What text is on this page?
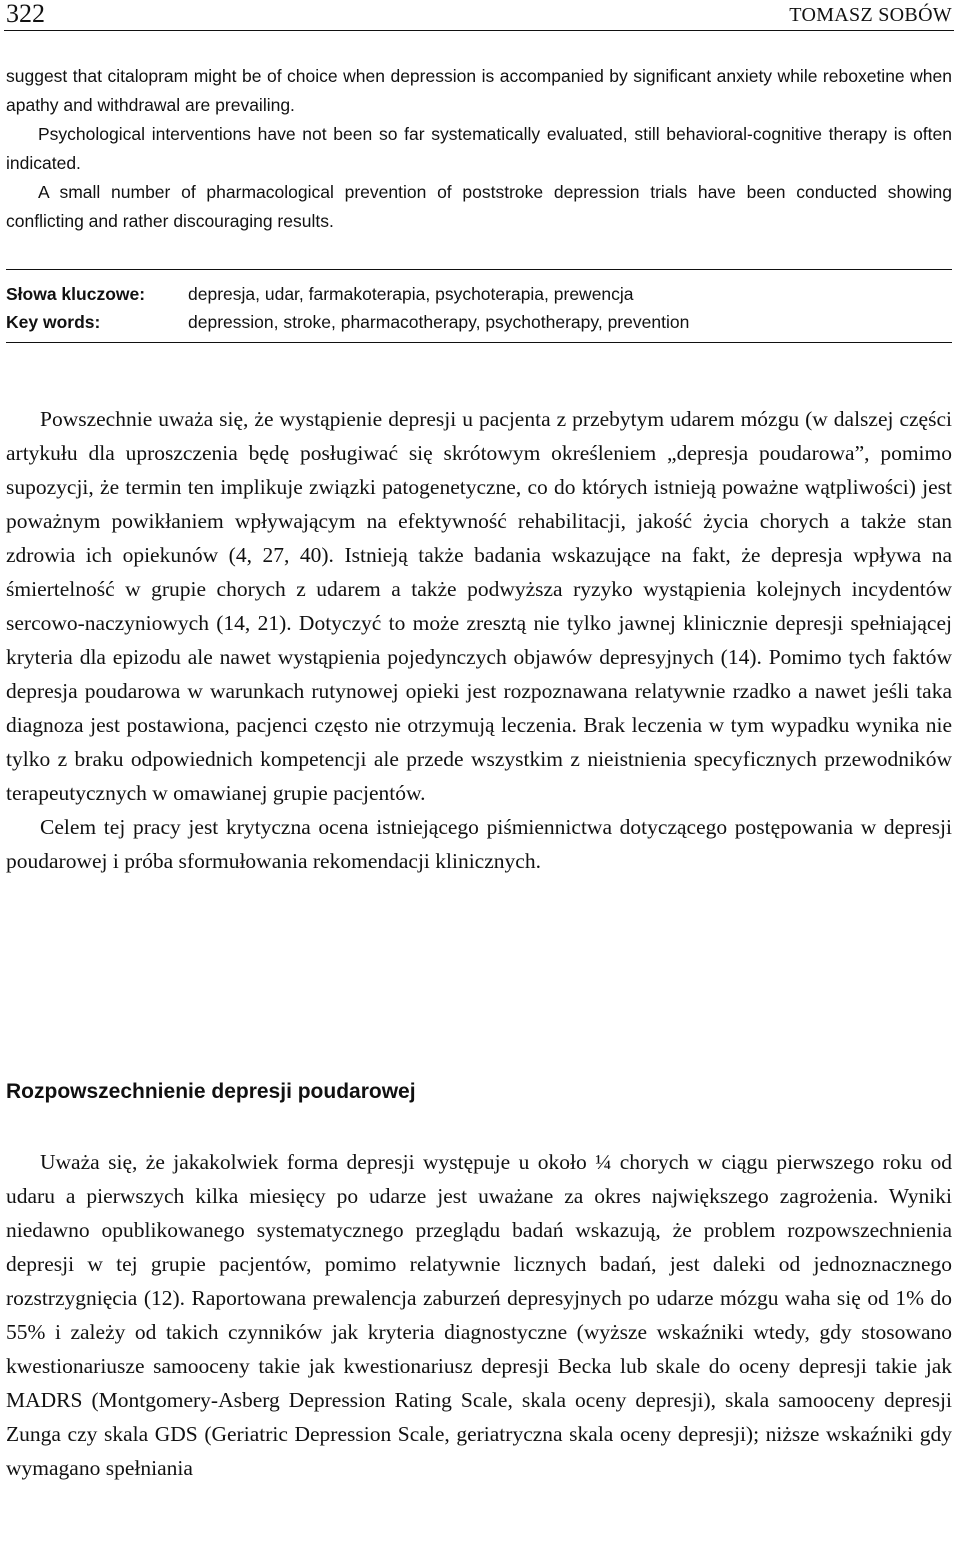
322	TOMASZ SOBÓW

suggest that citalopram might be of choice when depression is accompanied by significant anxiety while reboxetine when apathy and withdrawal are prevailing.

Psychological interventions have not been so far systematically evaluated, still behavioral-cognitive therapy is often indicated.

A small number of pharmacological prevention of poststroke depression trials have been conducted showing conflicting and rather discouraging results.

Słowa kluczowe: depresja, udar, farmakoterapia, psychoterapia, prewencja
Key words:	depression, stroke, pharmacotherapy, psychotherapy, prevention

Powszechnie uważa się, że wystąpienie depresji u pacjenta z przebytym udarem mózgu (w dalszej części artykułu dla uproszczenia będę posługiwać się skrótowym określeniem „depresja poudarowa”, pomimo supozycji, że termin ten implikuje związki patogenetyczne, co do których istnieją poważne wątpliwości) jest poważnym powikłaniem wpływającym na efektywność rehabilitacji, jakość życia chorych a także stan zdrowia ich opiekunów (4, 27, 40). Istnieją także badania wskazujące na fakt, że depresja wpływa na śmiertelność w grupie chorych z udarem a także podwyższa ryzyko wystąpienia kolejnych incydentów sercowo-naczyniowych (14, 21). Dotyczyć to może zresztą nie tylko jawnej klinicznie depresji spełniającej kryteria dla epizodu ale nawet wystąpienia pojedynczych objawów depresyjnych (14). Pomimo tych faktów depresja poudarowa w warunkach rutynowej opieki jest rozpoznawana relatywnie rzadko a nawet jeśli taka diagnoza jest postawiona, pacjenci często nie otrzymują leczenia. Brak leczenia w tym wypadku wynika nie tylko z braku odpowiednich kompetencji ale przede wszystkim z nieistnienia specyficznych przewodników terapeutycznych w omawianej grupie pacjentów.

Celem tej pracy jest krytyczna ocena istniejącego piśmiennictwa dotyczącego postępowania w depresji poudarowej i próba sformułowania rekomendacji klinicznych.

Rozpowszechnienie depresji poudarowej

Uważa się, że jakakolwiek forma depresji występuje u około ¼ chorych w ciągu pierwszego roku od udaru a pierwszych kilka miesięcy po udarze jest uważane za okres największego zagrożenia. Wyniki niedawno opublikowanego systematycznego przeglądu badań wskazują, że problem rozpowszechnienia depresji w tej grupie pacjentów, pomimo relatywnie licznych badań, jest daleki od jednoznacznego rozstrzygnięcia (12). Raportowana prewalencja zaburzeń depresyjnych po udarze mózgu waha się od 1% do 55% i zależy od takich czynników jak kryteria diagnostyczne (wyższe wskaźniki wtedy, gdy stosowano kwestionariusze samooceny takie jak kwestionariusz depresji Becka lub skale do oceny depresji takie jak MADRS (Montgomery-Asberg Depression Rating Scale, skala oceny depresji), skala samooceny depresji Zunga czy skala GDS (Geriatric Depression Scale, geriatryczna skala oceny depresji); niższe wskaźniki gdy wymagano spełniania
